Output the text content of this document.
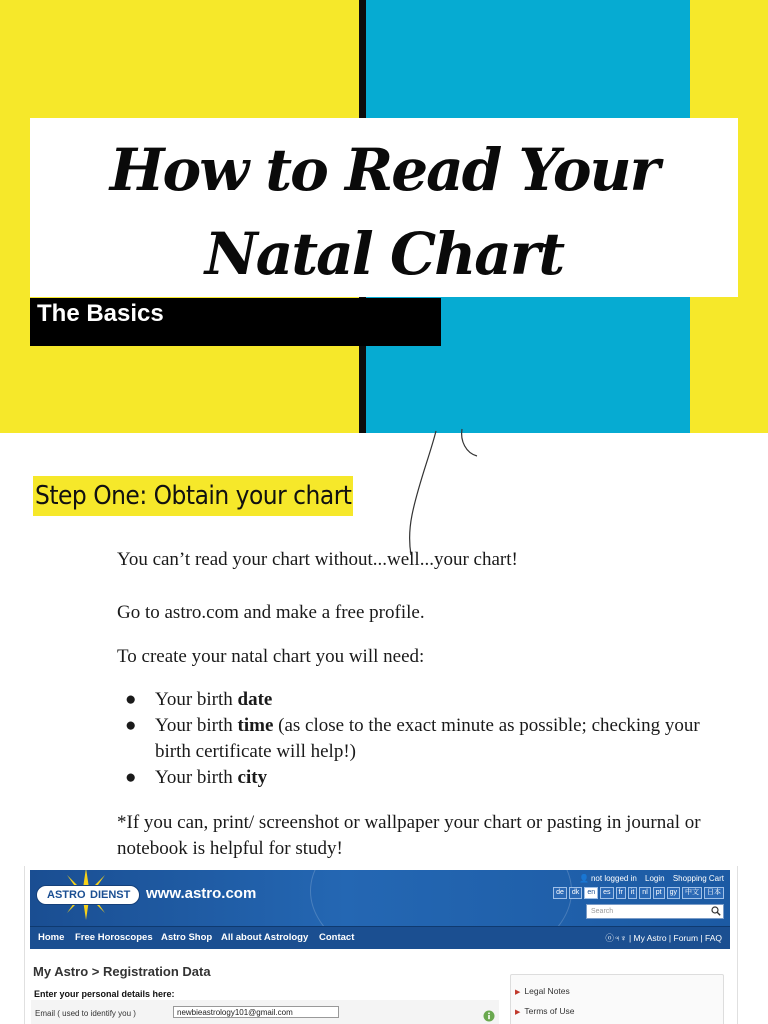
How to Read Your Natal Chart
The Basics
Step One: Obtain your chart
You can’t read your chart without...well...your chart!
Go to astro.com and make a free profile.
To create your natal chart you will need:
● Your birth date
● Your birth time (as close to the exact minute as possible; checking your birth certificate will help!)
● Your birth city
*If you can, print/ screenshot or wallpaper your chart or pasting in journal or notebook is helpful for study!
ASTRO DIENST www.astro.com
👤 not logged in Login Shopping Cart
de	dk	en	es	fr	it	nl	pt	gy	中文	日本
Search
Home Free Horoscopes Astro Shop All about Astrology Contact	ⓞ♃♆ | My Astro | Forum | FAQ
My Astro > Registration Data
Enter your personal details here:
Email ( used to identify you )	newbieastrology101@gmail.com
▶ Legal Notes
▶ Terms of Use
